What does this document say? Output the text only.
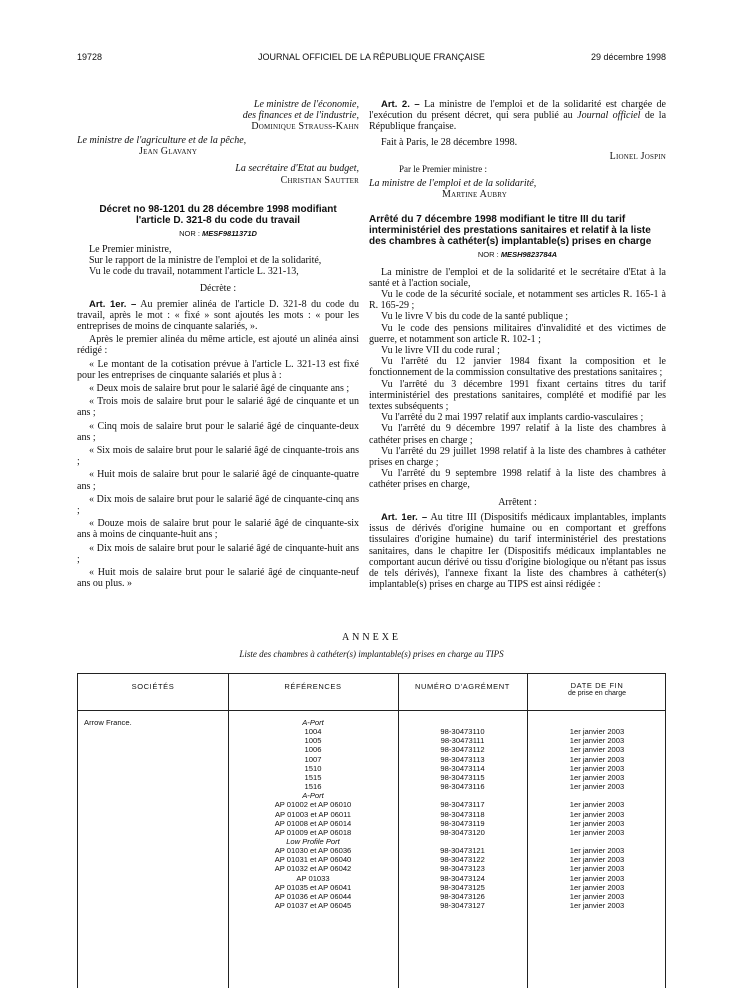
19728	JOURNAL OFFICIEL DE LA RÉPUBLIQUE FRANÇAISE	29 décembre 1998
Le ministre de l'économie,
des finances et de l'industrie,
Dominique Strauss-Kahn
Le ministre de l'agriculture et de la pêche,
Jean Glavany
La secrétaire d'Etat au budget,
Christian Sautter

Décret no 98-1201 du 28 décembre 1998 modifiant l'article D. 321-8 du code du travail

NOR : MESF9811371D

Le Premier ministre,

Sur le rapport de la ministre de l'emploi et de la solidarité,

Vu le code du travail, notamment l'article L. 321-13,

Décrète :

Art. 1er. – Au premier alinéa de l'article D. 321-8 du code du travail, après le mot : « fixé » sont ajoutés les mots : « pour les entreprises de moins de cinquante salariés, ».

Après le premier alinéa du même article, est ajouté un alinéa ainsi rédigé :

« Le montant de la cotisation prévue à l'article L. 321-13 est fixé pour les entreprises de cinquante salariés et plus à :

« Deux mois de salaire brut pour le salarié âgé de cinquante ans ;

« Trois mois de salaire brut pour le salarié âgé de cinquante et un ans ;

« Cinq mois de salaire brut pour le salarié âgé de cinquante-deux ans ;

« Six mois de salaire brut pour le salarié âgé de cinquante-trois ans ;

« Huit mois de salaire brut pour le salarié âgé de cinquante-quatre ans ;

« Dix mois de salaire brut pour le salarié âgé de cinquante-cinq ans ;

« Douze mois de salaire brut pour le salarié âgé de cinquante-six ans à moins de cinquante-huit ans ;

« Dix mois de salaire brut pour le salarié âgé de cinquante-huit ans ;

« Huit mois de salaire brut pour le salarié âgé de cinquante-neuf ans ou plus. »

Art. 2. – La ministre de l'emploi et de la solidarité est chargée de l'exécution du présent décret, qui sera publié au Journal officiel de la République française.

Fait à Paris, le 28 décembre 1998.

Lionel Jospin

Par le Premier ministre :

La ministre de l'emploi et de la solidarité,

Martine Aubry

Arrêté du 7 décembre 1998 modifiant le titre III du tarif interministériel des prestations sanitaires et relatif à la liste des chambres à cathéter(s) implantable(s) prises en charge

NOR : MESH9823784A

La ministre de l'emploi et de la solidarité et le secrétaire d'Etat à la santé et à l'action sociale,

Vu le code de la sécurité sociale, et notamment ses articles R. 165-1 à R. 165-29 ;

Vu le livre V bis du code de la santé publique ;

Vu le code des pensions militaires d'invalidité et des victimes de guerre, et notamment son article R. 102-1 ;

Vu le livre VII du code rural ;

Vu l'arrêté du 12 janvier 1984 fixant la composition et le fonctionnement de la commission consultative des prestations sanitaires ;

Vu l'arrêté du 3 décembre 1991 fixant certains titres du tarif interministériel des prestations sanitaires, complété et modifié par les textes subséquents ;

Vu l'arrêté du 2 mai 1997 relatif aux implants cardio-vasculaires ;

Vu l'arrêté du 9 décembre 1997 relatif à la liste des chambres à cathéter prises en charge ;

Vu l'arrêté du 29 juillet 1998 relatif à la liste des chambres à cathéter prises en charge ;

Vu l'arrêté du 9 septembre 1998 relatif à la liste des chambres à cathéter prises en charge,

Arrêtent :

Art. 1er. – Au titre III (Dispositifs médicaux implantables, implants issus de dérivés d'origine humaine ou en comportant et greffons tissulaires d'origine humaine) du tarif interministériel des prestations sanitaires, dans le chapitre Ier (Dispositifs médicaux implantables ne comportant aucun dérivé ou tissu d'origine biologique ou n'étant pas issus de tels dérivés), l'annexe fixant la liste des chambres à cathéter(s) implantable(s) prises en charge au TIPS est ainsi rédigée :

ANNEXE
Liste des chambres à cathéter(s) implantable(s) prises en charge au TIPS
SOCIÉTÉS	RÉFÉRENCES	NUMÉRO D'AGRÉMENT	DATE DE FIN
de prise en charge
Arrow France.	A-Port
1004	98-30473110	1er janvier 2003
1005	98-30473111	1er janvier 2003
1006	98-30473112	1er janvier 2003
1007	98-30473113	1er janvier 2003
1510	98-30473114	1er janvier 2003
1515	98-30473115	1er janvier 2003
1516	98-30473116	1er janvier 2003
A-Port
AP 01002 et AP 06010	98-30473117	1er janvier 2003
AP 01003 et AP 06011	98-30473118	1er janvier 2003
AP 01008 et AP 06014	98-30473119	1er janvier 2003
AP 01009 et AP 06018	98-30473120	1er janvier 2003
Low Profile Port
AP 01030 et AP 06036	98-30473121	1er janvier 2003
AP 01031 et AP 06040	98-30473122	1er janvier 2003
AP 01032 et AP 06042	98-30473123	1er janvier 2003
AP 01033	98-30473124	1er janvier 2003
AP 01035 et AP 06041	98-30473125	1er janvier 2003
AP 01036 et AP 06044	98-30473126	1er janvier 2003
AP 01037 et AP 06045	98-30473127	1er janvier 2003
